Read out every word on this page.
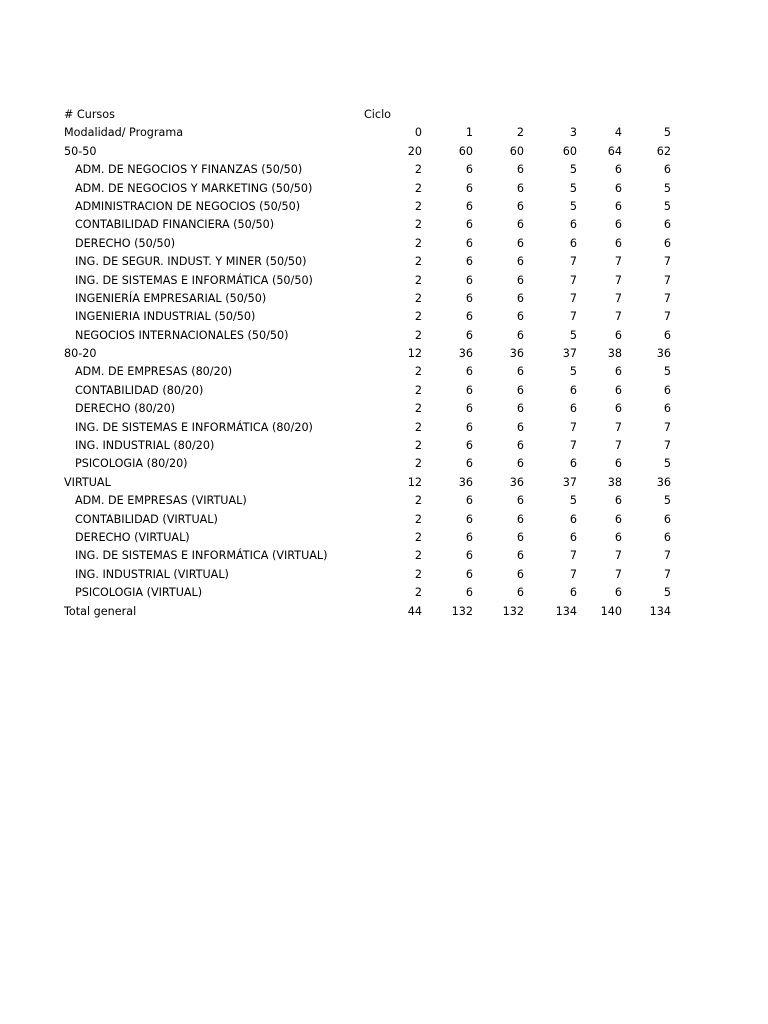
# Cursos	Ciclo
Modalidad/ Programa	0	1	2	3	4	5
50-50	20	60	60	60	64	62
ADM. DE NEGOCIOS Y FINANZAS (50/50)	2	6	6	5	6	6
ADM. DE NEGOCIOS Y MARKETING (50/50)	2	6	6	5	6	5
ADMINISTRACION DE NEGOCIOS (50/50)	2	6	6	5	6	5
CONTABILIDAD FINANCIERA (50/50)	2	6	6	6	6	6
DERECHO (50/50)	2	6	6	6	6	6
ING. DE SEGUR. INDUST. Y MINER (50/50)	2	6	6	7	7	7
ING. DE SISTEMAS E INFORMÁTICA (50/50)	2	6	6	7	7	7
INGENIERÍA EMPRESARIAL (50/50)	2	6	6	7	7	7
INGENIERIA INDUSTRIAL (50/50)	2	6	6	7	7	7
NEGOCIOS INTERNACIONALES (50/50)	2	6	6	5	6	6
80-20	12	36	36	37	38	36
ADM. DE EMPRESAS (80/20)	2	6	6	5	6	5
CONTABILIDAD (80/20)	2	6	6	6	6	6
DERECHO (80/20)	2	6	6	6	6	6
ING. DE SISTEMAS E INFORMÁTICA (80/20)	2	6	6	7	7	7
ING. INDUSTRIAL (80/20)	2	6	6	7	7	7
PSICOLOGIA (80/20)	2	6	6	6	6	5
VIRTUAL	12	36	36	37	38	36
ADM. DE EMPRESAS (VIRTUAL)	2	6	6	5	6	5
CONTABILIDAD (VIRTUAL)	2	6	6	6	6	6
DERECHO (VIRTUAL)	2	6	6	6	6	6
ING. DE SISTEMAS E INFORMÁTICA (VIRTUAL)	2	6	6	7	7	7
ING. INDUSTRIAL (VIRTUAL)	2	6	6	7	7	7
PSICOLOGIA (VIRTUAL)	2	6	6	6	6	5
Total general	44	132	132	134	140	134
